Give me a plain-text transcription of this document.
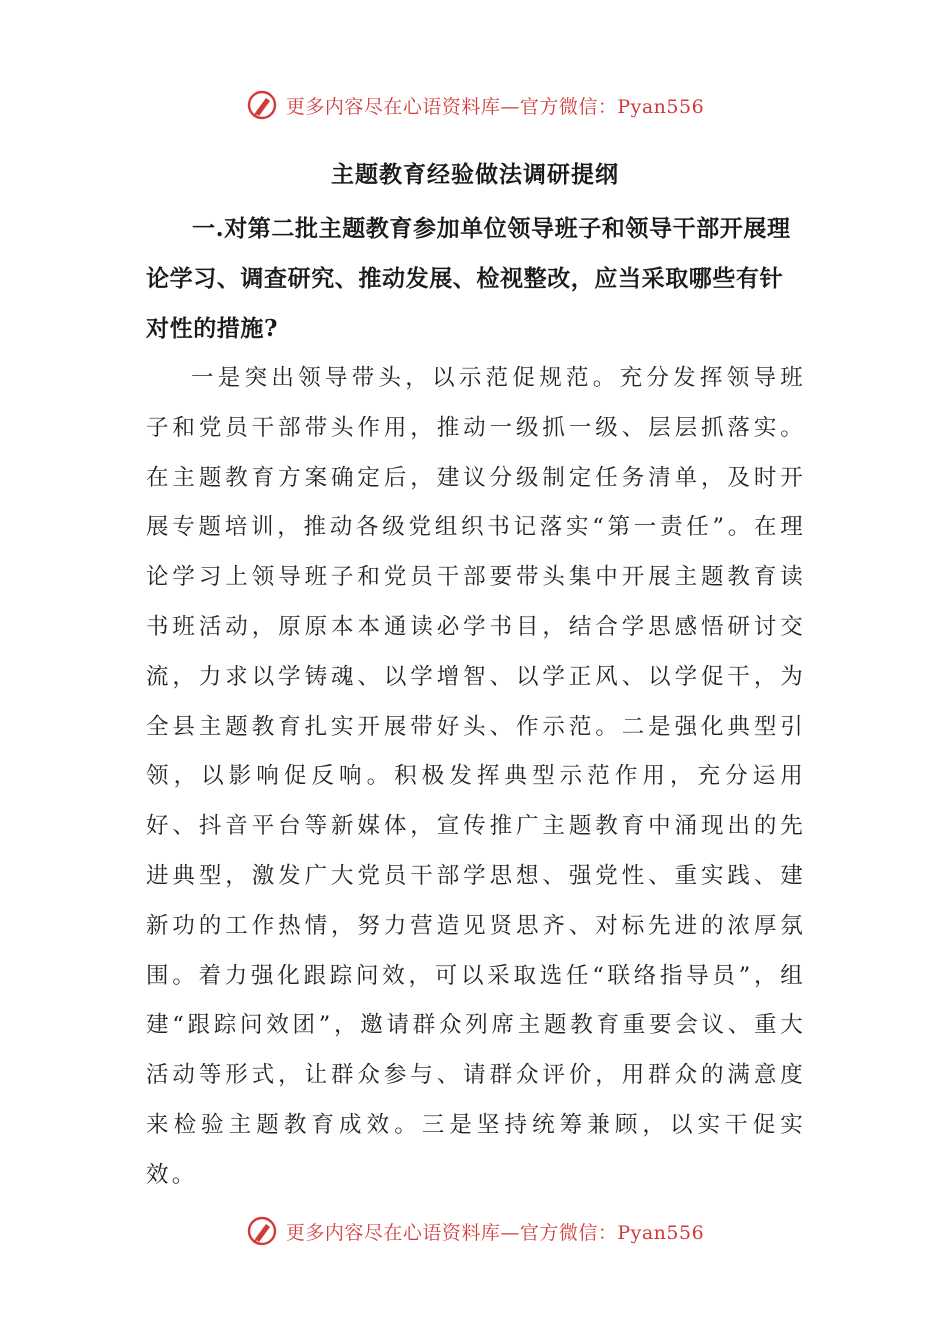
更多内容尽在心语资料库—官方微信：Pyan556
主题教育经验做法调研提纲

一.对第二批主题教育参加单位领导班子和领导干部开展理论学习、调查研究、推动发展、检视整改，应当采取哪些有针对性的措施?

一是突出领导带头，以示范促规范。充分发挥领导班子和党员干部带头作用，推动一级抓一级、层层抓落实。在主题教育方案确定后，建议分级制定任务清单，及时开展专题培训，推动各级党组织书记落实“第一责任”。在理论学习上领导班子和党员干部要带头集中开展主题教育读书班活动，原原本本通读必学书目，结合学思感悟研讨交流，力求以学铸魂、以学增智、以学正风、以学促干，为全县主题教育扎实开展带好头、作示范。二是强化典型引领，以影响促反响。积极发挥典型示范作用，充分运用好、抖音平台等新媒体，宣传推广主题教育中涌现出的先进典型，激发广大党员干部学思想、强党性、重实践、建新功的工作热情，努力营造见贤思齐、对标先进的浓厚氛围。着力强化跟踪问效，可以采取选任“联络指导员”，组建“跟踪问效团”，邀请群众列席主题教育重要会议、重大活动等形式，让群众参与、请群众评价，用群众的满意度来检验主题教育成效。三是坚持统筹兼顾，以实干促实效。

更多内容尽在心语资料库—官方微信：Pyan556
